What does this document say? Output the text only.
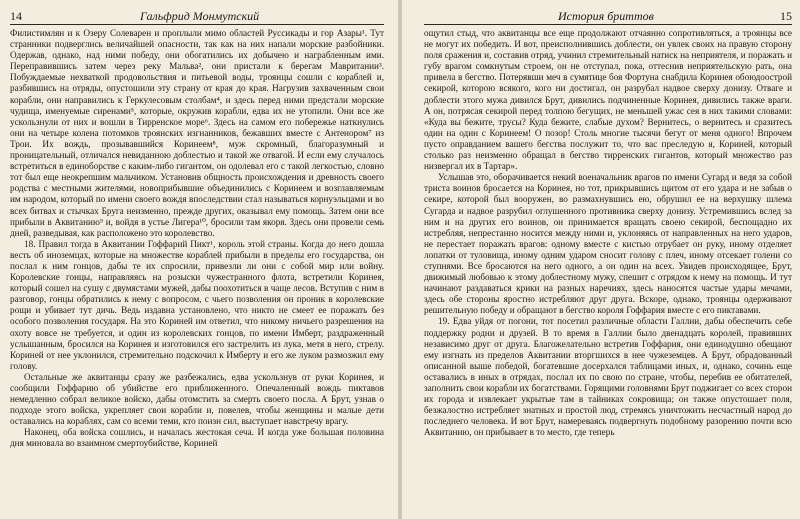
14	Гальфрид Монмутский

Филистимлян и к Озеру Солеварен и проплыли мимо областей Руссикады и гор Азары¹. Тут странники подверглись величайшей опасности, так как на них напали морские разбойники. Одержав, однако, над ними победу, они обогатились их добычею и награбленным ими. Переправившись затем через реку Мальва², они пристали к берегам Мавритании³. Побуждаемые нехваткой продовольствия и питьевой воды, троянцы сошли с кораблей и, разбившись на отряды, опустошили эту страну от края до края. Нагрузив захваченным свои корабли, они направились к Геркулесовым столбам⁴, и здесь перед ними предстали морские чудища, именуемые сиренами⁵, которые, окружив корабли, едва их не утопили. Они все же ускользнули от них и вошли в Тирренское море⁶. Здесь на самом его побережье наткнулись они на четыре колена потомков троянских изгнанников, бежавших вместе с Антенором⁷ из Трои. Их вождь, прозывавшийся Коринеем⁸, муж скромный, благоразумный и проницательный, отличался невиданною доблестью и такой же отвагой. И если ему случалось встретиться в единоборстве с каким-либо гигантом, он одолевал его с такой легкостью, словно тот был еще неокрепшим мальчиком. Установив общность происхождения и древность своего родства с местными жителями, новоприбывшие объединились с Коринеем и возглавляемым им народом, который по имени своего вождя впоследствии стал называться корнуэльцами и во всех битвах и стычках Бруга неизменно, прежде других, оказывал ему помощь. Затем они все прибыли в Аквитанию⁹ и, войдя в устье Лигера¹⁰, бросили там якоря. Здесь они провели семь дней, разведывая, как расположено это королевство.

18. Правил тогда в Аквитании Гоффарий Пикт¹, король этой страны. Когда до него дошла весть об иноземцах, которые на множестве кораблей прибыли в пределы его государства, он послал к ним гонцов, дабы те их спросили, привезли ли они с собой мир или войну. Королевские гонцы, направляясь на розыски чужестранного флота, встретили Коринея, который сошел на сушу с двумястами мужей, дабы поохотиться в чаще лесов. Вступив с ним в разговор, гонцы обратились к нему с вопросом, с чьего позволения он проник в королевские рощи и убивает тут дичь. Ведь издавна установлено, что никто не смеет ее поражать без особого позволения государя. На это Кориней им ответил, что никому ничьего разрешения на охоту вовсе не требуется, и один из королевских гонцов, по имени Имберт, раздраженный услышанным, бросился на Коринея и изготовился его застрелить из лука, метя в него, стрелу. Кориней от нее уклонился, стремительно подскочил к Имберту и его же луком размозжил ему голову.

Остальные же аквитанцы сразу же разбежались, едва ускользнув от руки Коринея, и сообщили Гоффарию об убийстве его приближенного. Опечаленный вождь пиктавов немедленно собрал великое войско, дабы отомстить за смерть своего посла. А Брут, узнав о подходе этого войска, укрепляет свои корабли и, повелев, чтобы женщины и малые дети оставались на кораблях, сам со всеми теми, кто поизн сил, выступает навстречу врагу.

Наконец, оба войска сошлись, и началась жестокая сеча. И когда уже большая половина дня миновала во взаимном смертоубийстве, Кориней

История бриттов	15

ощутил стыд, что аквитанцы все еще продолжают отчаянно сопротивляться, а троянцы все не могут их победить. И вот, преисполнившись доблести, он увлек своих на правую сторону поля сражения и, составив отряд, учинил стремительный натиск на неприятеля, и поражать и губу врагом сомкнутым строем, он не отступал, пока, оттеснив неприятельскую рать, она привела в бегство. Потерявши меч в сумятице боя Фортуна снабдила Коринея обоюдоострой секирой, которою всякого, кого ни достигал, он разрубал надвое сверху донизу. Отваге и доблести этого мужа дивился Брут, дивились подчиненные Коринея, дивились также враги. А он, потрясая секирой перед толпою бегущих, не меньшей ужас сея в них такими словами: «Куда вы бежите, трусы? Куда бежите, слабые духом? Вернитесь, о вернитесь и сразитесь один на один с Коринеем! О позор! Столь многие тысячи бегут от меня одного! Впрочем пусто оправданием вашего бегства послужит то, что вас преследую я, Кориней, который столько раз неизменно обращал в бегство тирренских гигантов, который множество раз низвергал их в Тартар».

Услышав это, оборачивается некий военачальник врагов по имени Сугард и ведя за собой триста воинов бросается на Коринея, но тот, прикрывшись щитом от его удара и не забыв о секире, которой был вооружен, во размахнувшись ею, обрушил ее на верхушку шлема Сугарда и надвое разрубил оглушенного противника сверху донизу. Устремившись вслед за ним и на других его воинов, он принимается вращать своею секирой, беспощадно их истребляя, непрестанно носится между ними и, уклоняясь от направленных на него ударов, не перестает поражать врагов: одному вместе с кистью отрубает он руку, иному отделяет лопатки от туловища, иному одним ударом сносит голову с плеч, иному отсекает голени со ступнями. Все бросаются на него одного, а он один на всех. Увидев происходящее, Брут, движимый любовью к этому доблестному мужу, спешит с отрядом к нему на помощь. И тут начинают раздаваться крики на разных наречиях, здесь наносятся частые удары мечами, здесь обе стороны яростно истребляют друг друга. Вскоре, однако, троянцы одерживают решительную победу и обращают в бегство короля Гоффария вместе с его пиктавами.

19. Едва уйдя от погони, тот посетил различные области Галлии, дабы обеспечить себе поддержку родни и друзей. В то время в Галлии было двенадцать королей, правивших независимо друг от друга. Благожелательно встретив Гоффария, они единодушно обещают ему изгнать из пределов Аквитании вторгшихся в нее чужеземцев. А Брут, обрадованный описанной выше победой, богатевшие досерхался таблицами иных, и, однако, сочинь еще оставались в иных в отрядах, послал их по свою по стране, чтобы, перебив ее обитателей, заполнить свои корабли их богатствами. Горящими головнями Брут поджигает со всех сторон их города и извлекает укрытые там в тайниках сокровища; он также опустошает поля, безжалостно истребляет знатных и простой люд, стремясь уничтожить несчастный народ до последнего человека. И вот Брут, намереваясь подвергнуть подобному разорению почти всю Аквитанию, он прибывает в то место, где теперь
